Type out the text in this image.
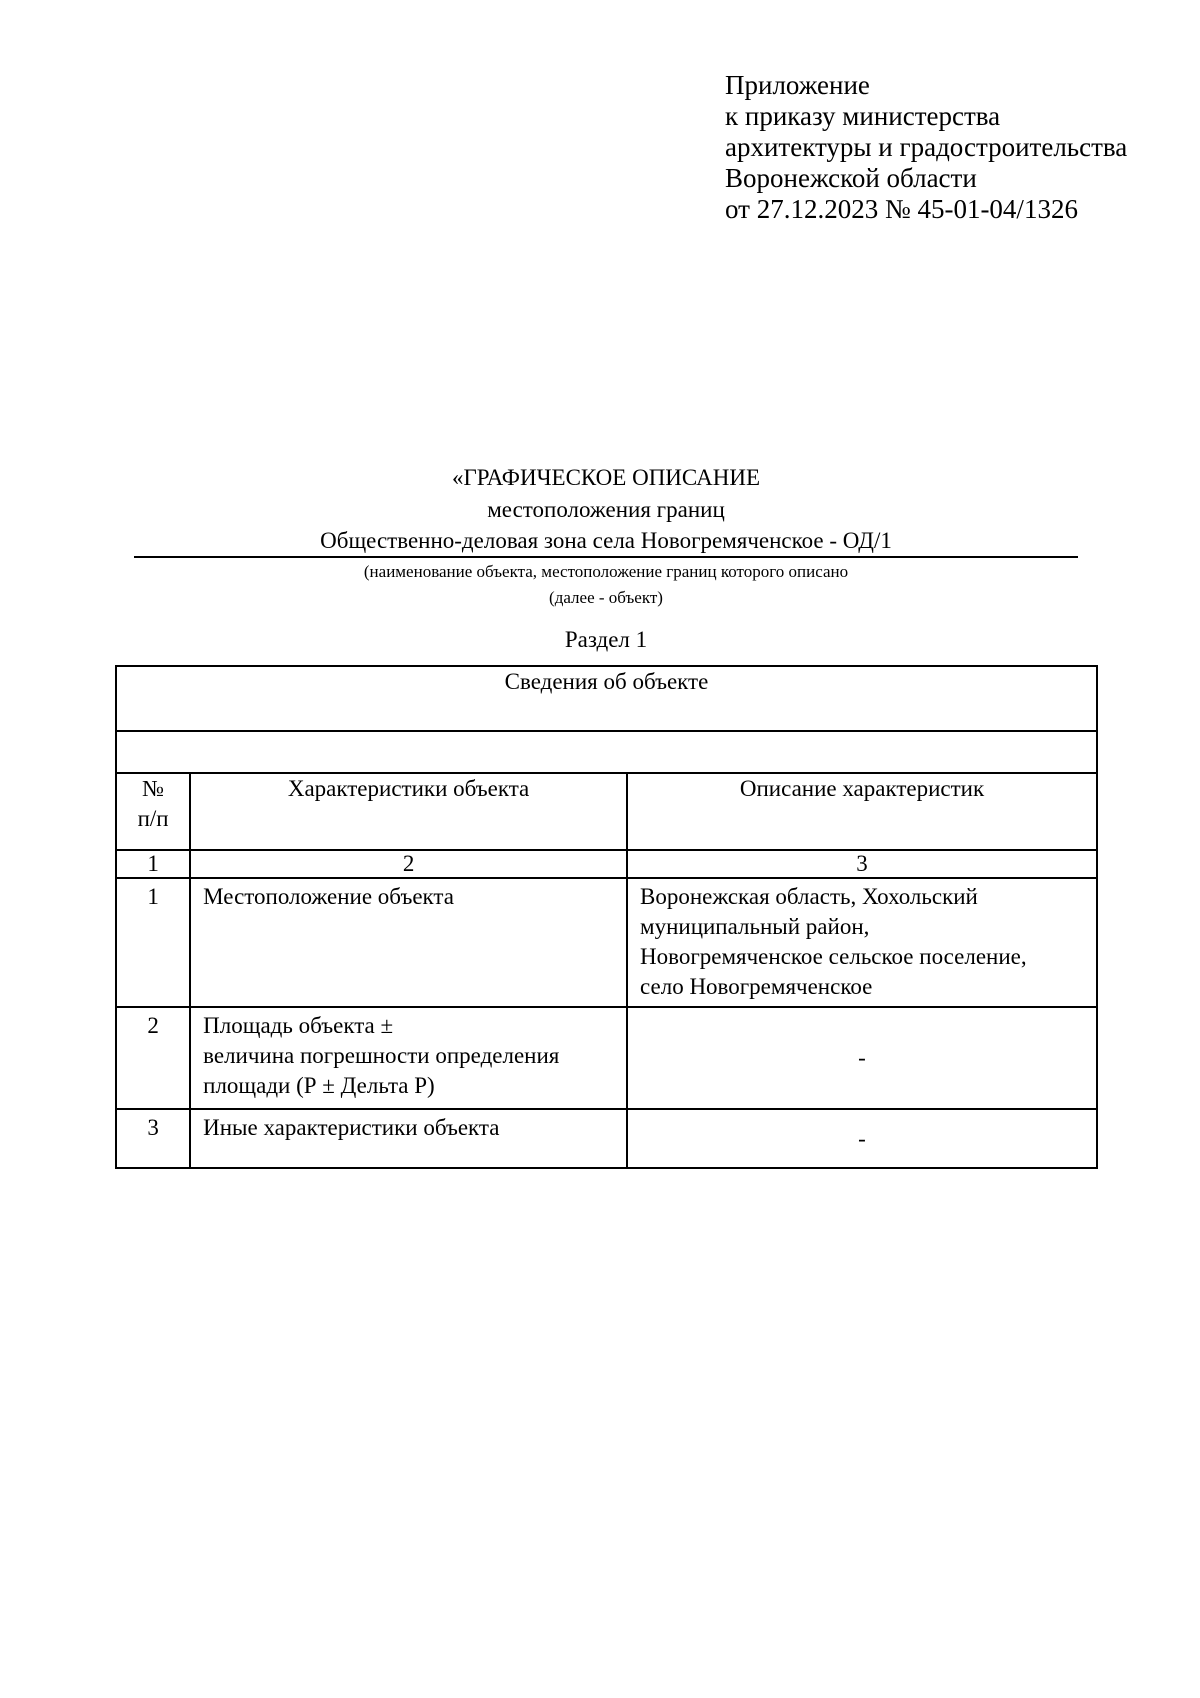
Приложение
к приказу министерства
архитектуры и градостроительства
Воронежской области
от 27.12.2023 № 45-01-04/1326
«ГРАФИЧЕСКОЕ ОПИСАНИЕ
местоположения границ
Общественно-деловая зона села Новогремяченское - ОД/1
(наименование объекта, местоположение границ которого описано
(далее - объект)
Раздел 1
Сведения об объекте		

№
п/п	Характеристики объекта	Описание характеристик
1	2	3
1	Местоположение объекта	Воронежская область, Хохольский
муниципальный район,
Новогремяченское сельское поселение,
село Новогремяченское

2	Площадь объекта ±
величина погрешности определения
площади (Р ± Дельта Р)	-
3	Иные характеристики объекта	-
